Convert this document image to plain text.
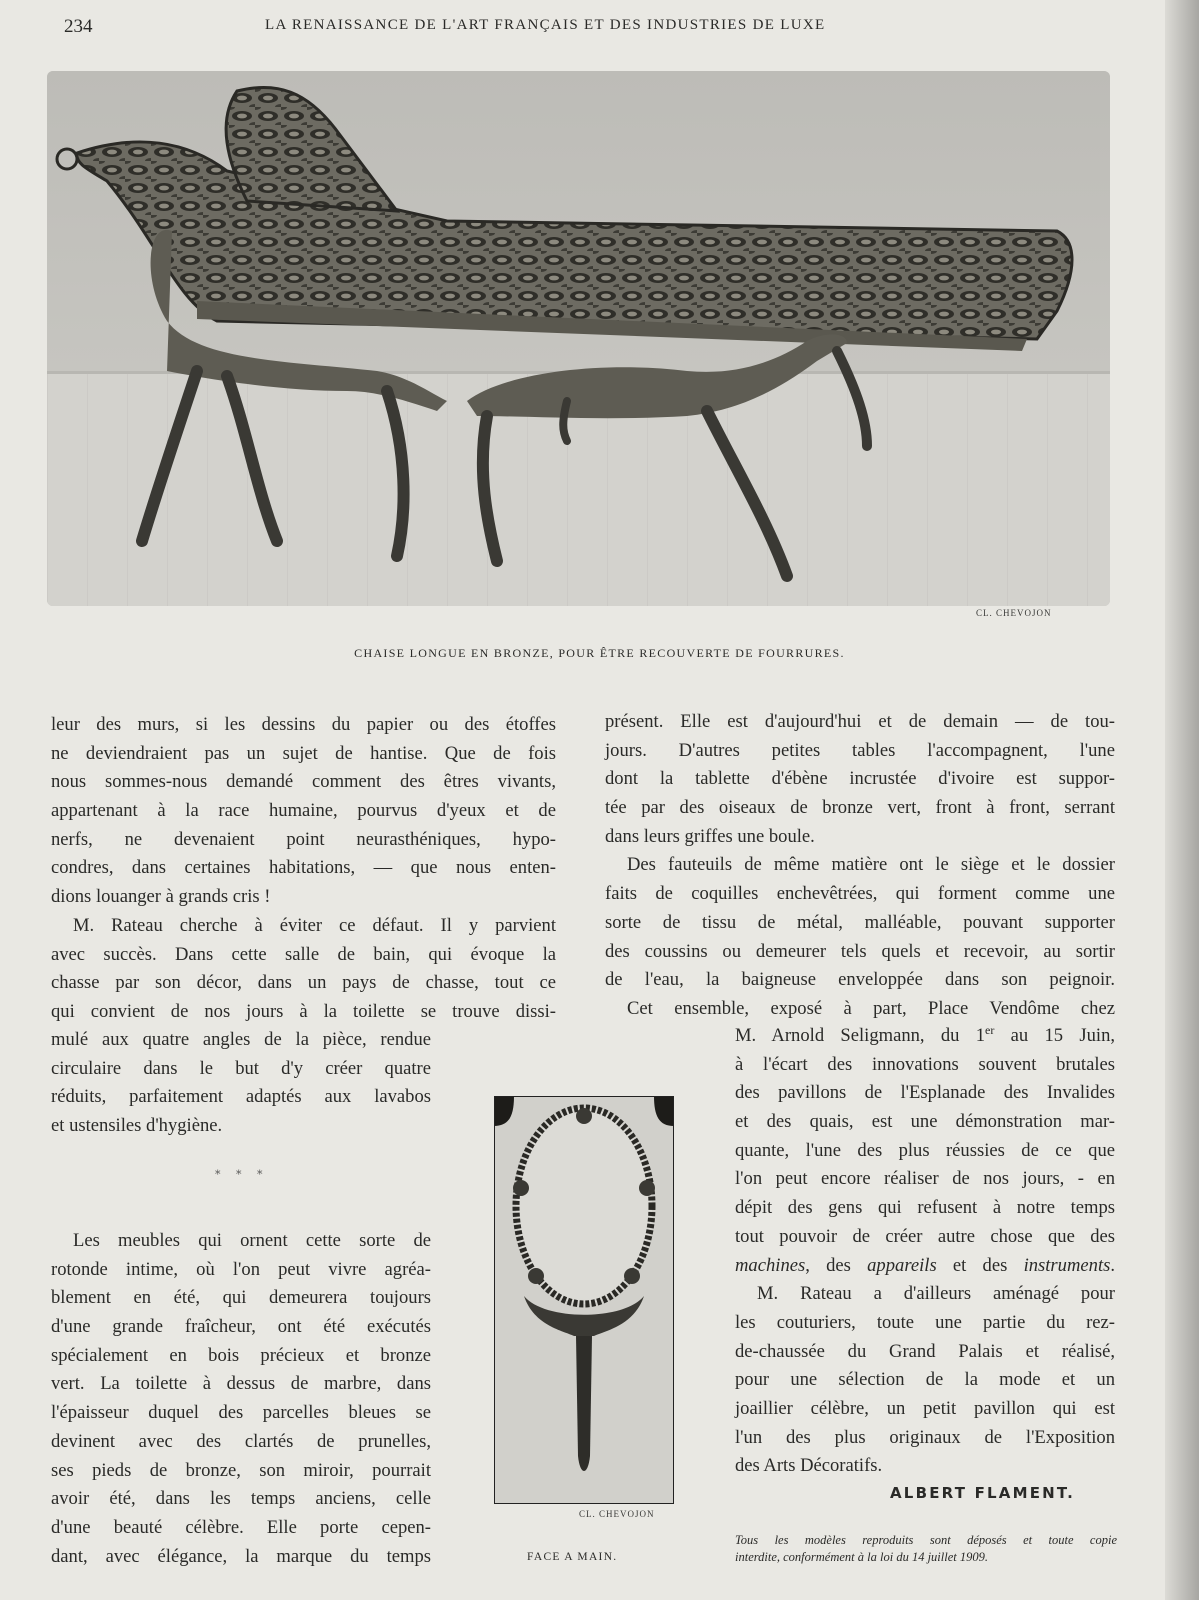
234	LA RENAISSANCE DE L'ART FRANÇAIS ET DES INDUSTRIES DE LUXE
CL. CHEVOJON
CHAISE LONGUE EN BRONZE, POUR ÊTRE RECOUVERTE DE FOURRURES.
leur des murs, si les dessins du papier ou des étoffes
ne deviendraient pas un sujet de hantise. Que de fois
nous sommes-nous demandé comment des êtres vivants,
appartenant à la race humaine, pourvus d'yeux et de
nerfs, ne devenaient point neurasthéniques, hypo-
condres, dans certaines habitations, — que nous enten-
dions louanger à grands cris !
M. Rateau cherche à éviter ce défaut. Il y parvient
avec succès. Dans cette salle de bain, qui évoque la
chasse par son décor, dans un pays de chasse, tout ce
qui convient de nos jours à la toilette se trouve dissi-
mulé aux quatre angles de la pièce, rendue
circulaire dans le but d'y créer quatre
réduits, parfaitement adaptés aux lavabos
et ustensiles d'hygiène.
* * *
Les meubles qui ornent cette sorte de
rotonde intime, où l'on peut vivre agréa-
blement en été, qui demeurera toujours
d'une grande fraîcheur, ont été exécutés
spécialement en bois précieux et bronze
vert. La toilette à dessus de marbre, dans
l'épaisseur duquel des parcelles bleues se
devinent avec des clartés de prunelles,
ses pieds de bronze, son miroir, pourrait
avoir été, dans les temps anciens, celle
d'une beauté célèbre. Elle porte cepen-
dant, avec élégance, la marque du temps
CL. CHEVOJON
FACE A MAIN.
présent. Elle est d'aujourd'hui et de demain — de tou-
jours. D'autres petites tables l'accompagnent, l'une
dont la tablette d'ébène incrustée d'ivoire est suppor-
tée par des oiseaux de bronze vert, front à front, serrant
dans leurs griffes une boule.
Des fauteuils de même matière ont le siège et le dossier
faits de coquilles enchevêtrées, qui forment comme une
sorte de tissu de métal, malléable, pouvant supporter
des coussins ou demeurer tels quels et recevoir, au sortir
de l'eau, la baigneuse enveloppée dans son peignoir.
Cet ensemble, exposé à part, Place Vendôme chez
M. Arnold Seligmann, du 1er au 15 Juin,
à l'écart des innovations souvent brutales
des pavillons de l'Esplanade des Invalides
et des quais, est une démonstration mar-
quante, l'une des plus réussies de ce que
l'on peut encore réaliser de nos jours, - en
dépit des gens qui refusent à notre temps
tout pouvoir de créer autre chose que des
machines, des appareils et des instruments.
M. Rateau a d'ailleurs aménagé pour
les couturiers, toute une partie du rez-
de-chaussée du Grand Palais et réalisé,
pour une sélection de la mode et un
joaillier célèbre, un petit pavillon qui est
l'un des plus originaux de l'Exposition
des Arts Décoratifs.
ALBERT FLAMENT.
Tous les modèles reproduits sont déposés et toute copie
interdite, conformément à la loi du 14 juillet 1909.
